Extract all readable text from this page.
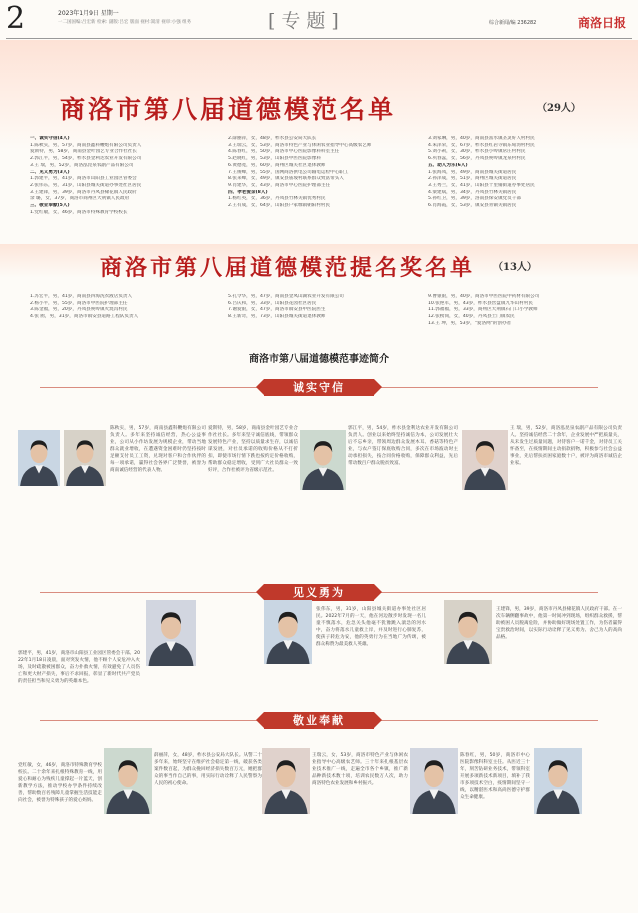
2	2023年1月9日 星期一
一二国国编:吕宏新 检索: 副版:吕宏 版面 视村:嵩清 视审:小强 组务	[专题]	综合新闻/编 236282	商洛日报
商洛市第八届道德模范名单	（29人）
一、诚实守信(4人)
1.陈秋实，男，57岁，商南县鑫科鞭炮有限公司负责人
爱斯特，男，58岁，商南县金叶园艺专业合作社社长
2.郭江平，男，54岁，柞水县金利达农业开发有限公司
3.王 瑞，男，52岁，商洛泓昆泉农副产品有限公司
二、见义勇为(3人)
1.郭建平，男，41岁，商洛市山阳县工业园区管委会
2.张伟东，男，31岁，山阳县城关街道办事处社区居民
3.王建锋，男，39岁，商洛市丹凤县棣花镇人民政府
余 璐，女，37岁，商洛市商州区大荆镇人民政府
三、敬业奉献(5人)
1.党红敏，女，46岁，商洛市特殊教育学校校长
2.薛丽萍，女，48岁，柞水县公安局大队长
3.王瑞云，女，53岁，商洛市特色产业与休闲农业指导中心高级农艺师
4.陈春红，男，50岁，商洛市中心医院影像科科室主任
5.赵晓红，男，53岁，山阳县中医医院影像科
6.黄德宽，男，60岁，商州区城关社区退休教师
7.王俊峰，男，55岁，国网商洛供电公司输电运检中心职工
8.张来峰，女，49岁，镇安县庙坡村联系群众致富带头人
9.肖建华，女，43岁，商洛市中心医院护理部主任
四、孝老爱亲(8人)
1.杨红英，女，36岁，丹凤县竹林关镇优秀村民
2.王有成，女，64岁，山阳县户家塬镇朝阳村村民
3.刘家琳，男，40岁，商南县富水镇圣灵好人村村民
4.朱泽荣，女，67岁，柞水县红岩寺镇东甸湾村村民
5.刘小莉，女，30岁，柞水县小岭镇常庄村村民
6.巩春蕊，女，56岁，丹凤县庾岭镇龙泉村村民
五、助人为乐(6人)
1.张海凤，男，49岁，商南县城关街道居民
2.孙泽成，男，51岁，商州区城关街道居民
3.王秀兰，女，41岁，山阳县十里铺街道办事处居民
4.梁建斌，男，34岁，丹凤县竹林关镇居民
5.孙红卫，男，39岁，洛南县保安镇党员干部
6.肖海霞，女，53岁，镇安县青铜关镇居民
商洛市第八届道德模范提名奖名单 （13人）
1.苏宏平，男，41岁，商南县四海洗衣液店负责人
2.杨小平，男，55岁，商洛市中医院护理部主任
3.陈金福，男，20岁，丹凤县庾岭镇火烧沟村民
4.张 鸥，男，31岁，商洛市镇安县道路工程队负责人
5.孔令华，男，47岁，商南县金凤山湖农业开发有限公司
6.吕庆和，男，33岁，山阳县花园社区居民
7.谢爱银，女，47岁，商洛市镇安县中医院医生
8.王新奇，男，73岁，山阳县城关街道退休教师
9.曹银银，男，40岁，商洛市中医医院中药材有限公司
10.张艳军，男，43岁，柞水县营盘镇九华山村村民
11.郭福福，男，33岁，商州区大荆镇石门口小学教师
12.张榜岗，女，40岁，丹凤县土门镇农民
13.王 坤，男，53岁，"爱洛网"的创办者
商洛市第八届道德模范事迹简介
诚实守信
陈秋实，男，57岁，商南县鑫科鞭炮有限公司负责人。多年来坚持诚信经营，热心公益事业，公司从小作坊发展为规模企业，带动当地群众就业增收，在遭遇资金困难时仍坚持按时足额支付员工工资，兑现对客户和合作伙伴的每一项承诺，赢得社会各界广泛赞誉，被誉为商南诚信经营的代表人物。
爱斯特，男，58岁，商南县金叶园艺专业合作社社长。多年来坚守诚信底线，带领群众发展特色产业，坚持以质量求生存，以诚信谋发展，对社员承诺的收购价格从不打折扣，即使市场行情下跌也按约定价格收购，帮助群众稳定增收，受到广大社员群众一致好评，合作社被评为省级示范社。
郭江平，男，54岁，柞水县金利达农业开发有限公司负责人。创业以来始终坚持诚信为本，公司发展壮大后不忘乡亲，带领周边群众发展木耳、香菇等特色产业，与农户签订保底收购合同，多次在市场波动时主动承担损失，按合同价格收购，保障群众利益，先后带动数百户群众脱贫致富。
王 瑞，男，52岁，商洛泓昆泉农副产品有限公司负责人。坚持诚信经营二十余年，企业发展中严把质量关，从未发生过质量问题，对待客户一诺千金，对待员工关怀备至，在疫情期间主动捐款捐物，积极参与社会公益事业，先后帮扶贫困家庭数十户，被评为商洛市诚信企业家。
见义勇为
郭建平，男，41岁，商洛市山阳县工业园区管委会干部。2022年1月18日凌晨，面对突发火情，他不顾个人安危冲入火场，及时疏散被困群众，奋力扑救火情，有效避免了人员伤亡和更大财产损失，事后不求回报，彰显了新时代共产党员的责任担当和见义勇为的英雄本色。
张伟东，男，31岁，山阳县城关街道办事处社区居民。2022年7月的一天，他在河边散步时发现一名儿童不慎落水，危急关头他毫不犹豫跳入湍急的河水中，奋力将落水儿童救上岸，并及时进行心肺复苏，使孩子转危为安，他的英勇行为在当地广为传颂，被群众称赞为最美救人英雄。
王建锋，男，39岁，商洛市丹凤县棣花镇人民政府干部。在一次车辆侧翻事故中，他第一时间冲到现场，组织群众救援，帮助被困人员脱离危险，并协助做好现场处置工作，为伤者赢得宝贵救治时间，以实际行动诠释了见义勇为、舍己为人的高尚品格。
敬业奉献
党红敏，女，46岁，商洛市特殊教育学校校长。二十余年来扎根特殊教育一线，用爱心和耐心为残疾儿童撑起一片蓝天，创新教学方法，推动学校办学条件持续改善，帮助数百名残障儿童掌握生活技能走向社会，被誉为特殊孩子的爱心妈妈。
薛丽萍，女，48岁，柞水县公安局大队长。从警二十多年来，始终坚守在维护社会稳定第一线，破获各类案件数百起，为群众挽回经济损失数百万元，她把群众的事当作自己的事，用实际行动诠释了人民警察为人民的初心使命。
王瑞云，女，53岁，商洛市特色产业与休闲农业指导中心高级农艺师。三十年来扎根基层农业技术推广一线，走遍全市各个乡镇，推广新品种新技术数十项，培训农民数万人次，助力商洛特色农业发展和乡村振兴。
陈春红，男，50岁，商洛市中心医院影像科科室主任。从医近三十年，刻苦钻研业务技术，带领科室开展多项新技术新项目，填补了我市多项技术空白，疫情期间坚守一线，以精湛医术和高尚医德守护群众生命健康。
